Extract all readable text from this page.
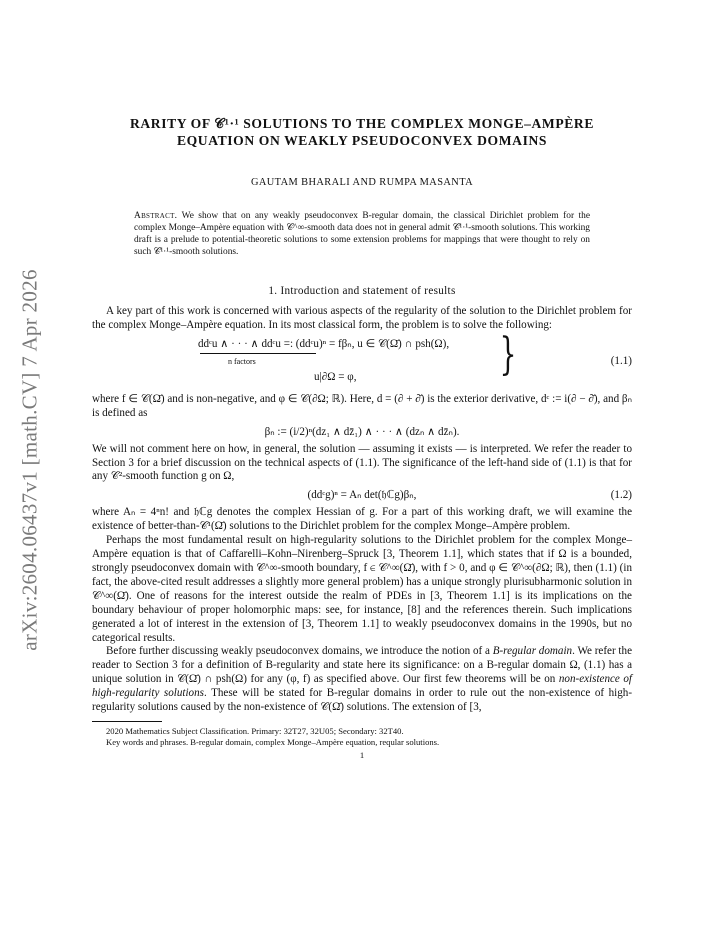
arXiv:2604.06437v1 [math.CV] 7 Apr 2026
RARITY OF 𝒞¹·¹ SOLUTIONS TO THE COMPLEX MONGE–AMPÈRE
EQUATION ON WEAKLY PSEUDOCONVEX DOMAINS
GAUTAM BHARALI AND RUMPA MASANTA
Abstract. We show that on any weakly pseudoconvex B-regular domain, the classical Dirichlet problem for the complex Monge–Ampère equation with 𝒞^∞-smooth data does not in general admit 𝒞¹·¹-smooth solutions. This working draft is a prelude to potential-theoretic solutions to some extension problems for mappings that were thought to rely on such 𝒞¹·¹-smooth solutions.
1. Introduction and statement of results

A key part of this work is concerned with various aspects of the regularity of the solution to the Dirichlet problem for the complex Monge–Ampère equation. In its most classical form, the problem is to solve the following:

ddᶜu ∧ · · · ∧ ddᶜu =: (ddᶜu)ⁿ = fβₙ, u ∈ 𝒞(Ω̄) ∩ psh(Ω),
n factors
u|∂Ω = φ,	}	(1.1)

where f ∈ 𝒞(Ω̄) and is non-negative, and φ ∈ 𝒞(∂Ω; ℝ). Here, d = (∂ + ∂̄) is the exterior derivative, dᶜ := i(∂ − ∂̄), and βₙ is defined as

βₙ := (i/2)ⁿ(dz₁ ∧ dz̄₁) ∧ · · · ∧ (dzₙ ∧ dz̄ₙ).

We will not comment here on how, in general, the solution — assuming it exists — is interpreted. We refer the reader to Section 3 for a brief discussion on the technical aspects of (1.1). The significance of the left-hand side of (1.1) is that for any 𝒞²-smooth function g on Ω,

(ddᶜg)ⁿ = Aₙ det(𝔥ℂg)βₙ,	(1.2)

where Aₙ = 4ⁿn! and 𝔥ℂg denotes the complex Hessian of g. For a part of this working draft, we will examine the existence of better-than-𝒞¹(Ω̄) solutions to the Dirichlet problem for the complex Monge–Ampère problem.

Perhaps the most fundamental result on high-regularity solutions to the Dirichlet problem for the complex Monge–Ampère equation is that of Caffarelli–Kohn–Nirenberg–Spruck [3, Theorem 1.1], which states that if Ω is a bounded, strongly pseudoconvex domain with 𝒞^∞-smooth boundary, f ∈ 𝒞^∞(Ω̄), with f > 0, and φ ∈ 𝒞^∞(∂Ω; ℝ), then (1.1) (in fact, the above-cited result addresses a slightly more general problem) has a unique strongly plurisubharmonic solution in 𝒞^∞(Ω̄). One of reasons for the interest outside the realm of PDEs in [3, Theorem 1.1] is its implications on the boundary behaviour of proper holomorphic maps: see, for instance, [8] and the references therein. Such implications generated a lot of interest in the extension of [3, Theorem 1.1] to weakly pseudoconvex domains in the 1990s, but no categorical results.

Before further discussing weakly pseudoconvex domains, we introduce the notion of a B-regular domain. We refer the reader to Section 3 for a definition of B-regularity and state here its significance: on a B-regular domain Ω, (1.1) has a unique solution in 𝒞(Ω̄) ∩ psh(Ω) for any (φ, f) as specified above. Our first few theorems will be on non-existence of high-regularity solutions. These will be stated for B-regular domains in order to rule out the non-existence of high-regularity solutions caused by the non-existence of 𝒞(Ω̄) solutions. The extension of [3,

2020 Mathematics Subject Classification. Primary: 32T27, 32U05; Secondary: 32T40.

Key words and phrases. B-regular domain, complex Monge–Ampère equation, reqular solutions.

1
